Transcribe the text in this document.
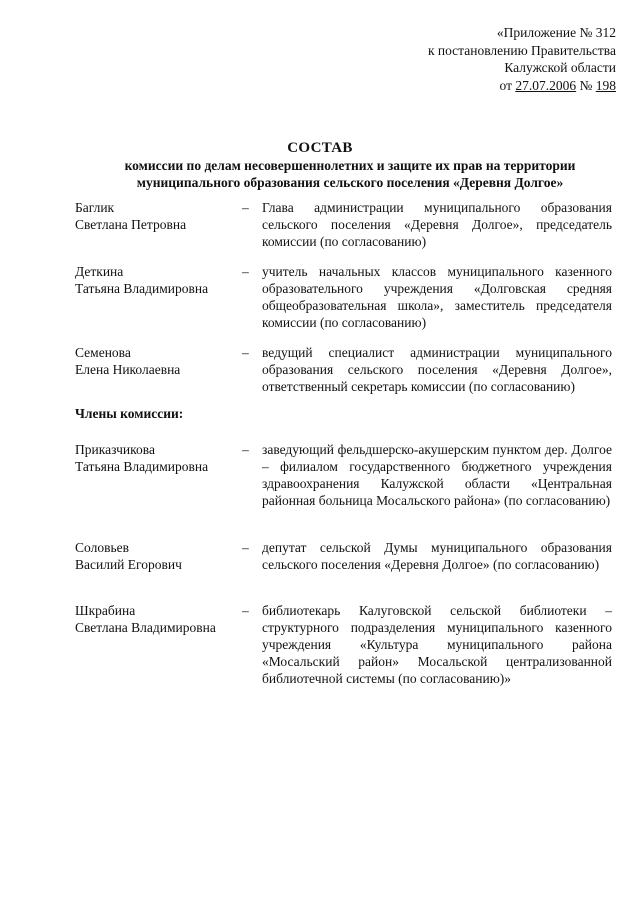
«Приложение № 312
к постановлению Правительства
Калужской области
от 27.07.2006 № 198
СОСТАВ
комиссии по делам несовершеннолетних и защите их прав на территории
муниципального образования сельского поселения «Деревня Долгое»
Баглик
Светлана Петровна
– Глава администрации муниципального образования сельского поселения «Деревня Долгое», председатель комиссии (по согласованию)
Деткина
Татьяна Владимировна
– учитель начальных классов муниципального казенного образовательного учреждения «Долговская средняя общеобразовательная школа», заместитель председателя комиссии (по согласованию)
Семенова
Елена Николаевна
– ведущий специалист администрации муниципального образования сельского поселения «Деревня Долгое», ответственный секретарь комиссии (по согласованию)
Члены комиссии:
Приказчикова
Татьяна Владимировна
– заведующий фельдшерско-акушерским пунктом дер. Долгое – филиалом государственного бюджетного учреждения здравоохранения Калужской области «Центральная районная больница Мосальского района» (по согласованию)
Соловьев
Василий Егорович
– депутат сельской Думы муниципального образования сельского поселения «Деревня Долгое» (по согласованию)
Шкрабина
Светлана Владимировна
– библиотекарь Калуговской сельской библиотеки – структурного подразделения муниципального казенного учреждения «Культура муниципального района «Мосальский район» Мосальской централизованной библиотечной системы (по согласованию)»
